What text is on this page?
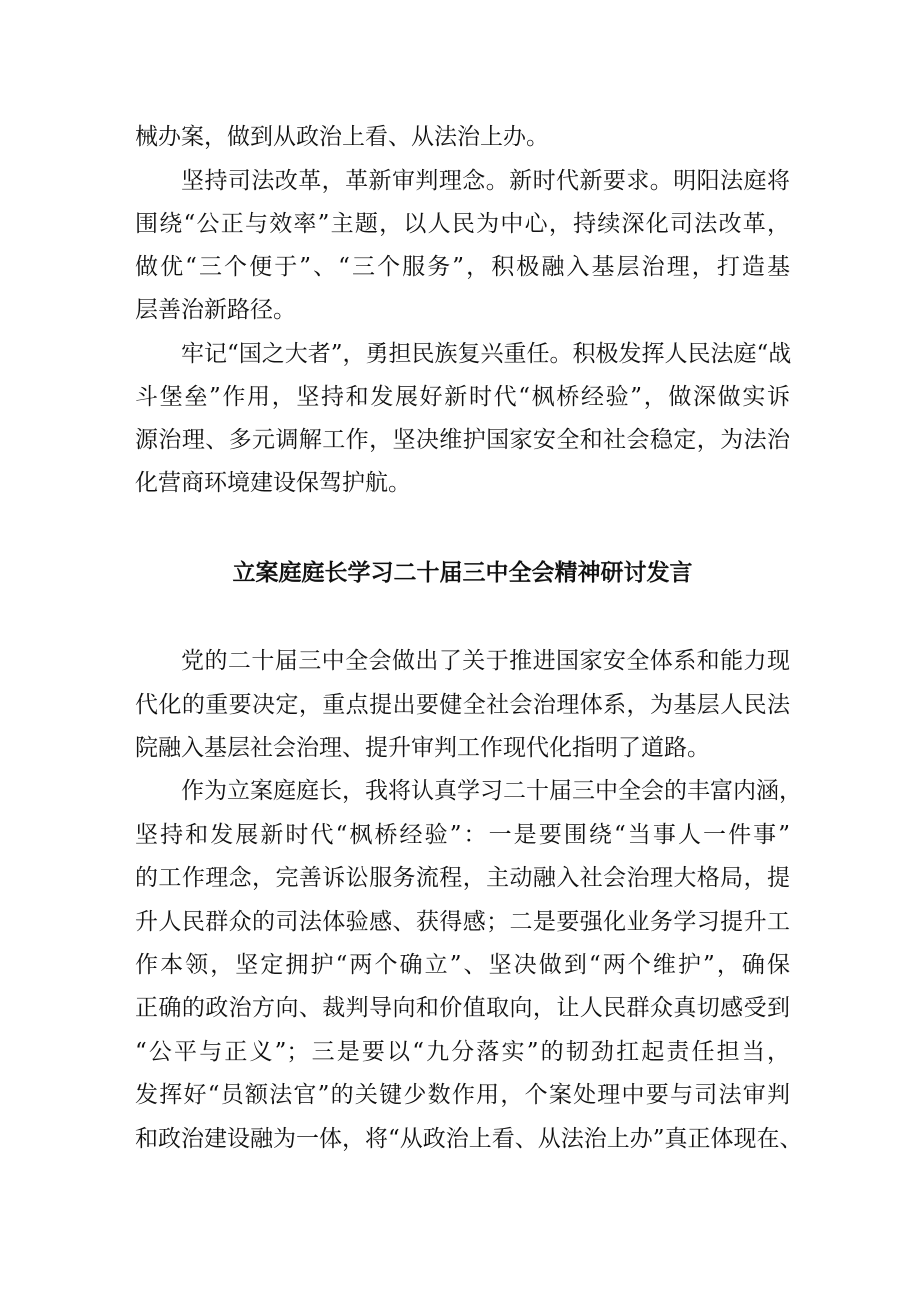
械办案，做到从政治上看、从法治上办。
坚持司法改革，革新审判理念。新时代新要求。明阳法庭将
围绕“公正与效率”主题，以人民为中心，持续深化司法改革，
做优“三个便于”、“三个服务”，积极融入基层治理，打造基
层善治新路径。
牢记“国之大者”，勇担民族复兴重任。积极发挥人民法庭“战
斗堡垒”作用，坚持和发展好新时代“枫桥经验”，做深做实诉
源治理、多元调解工作，坚决维护国家安全和社会稳定，为法治
化营商环境建设保驾护航。
立案庭庭长学习二十届三中全会精神研讨发言
党的二十届三中全会做出了关于推进国家安全体系和能力现
代化的重要决定，重点提出要健全社会治理体系，为基层人民法
院融入基层社会治理、提升审判工作现代化指明了道路。
作为立案庭庭长，我将认真学习二十届三中全会的丰富内涵，
坚持和发展新时代“枫桥经验”：一是要围绕“当事人一件事”
的工作理念，完善诉讼服务流程，主动融入社会治理大格局，提
升人民群众的司法体验感、获得感；二是要强化业务学习提升工
作本领，坚定拥护“两个确立”、坚决做到“两个维护”，确保
正确的政治方向、裁判导向和价值取向，让人民群众真切感受到
“公平与正义”；三是要以“九分落实”的韧劲扛起责任担当，
发挥好“员额法官”的关键少数作用，个案处理中要与司法审判
和政治建设融为一体，将“从政治上看、从法治上办”真正体现在、
